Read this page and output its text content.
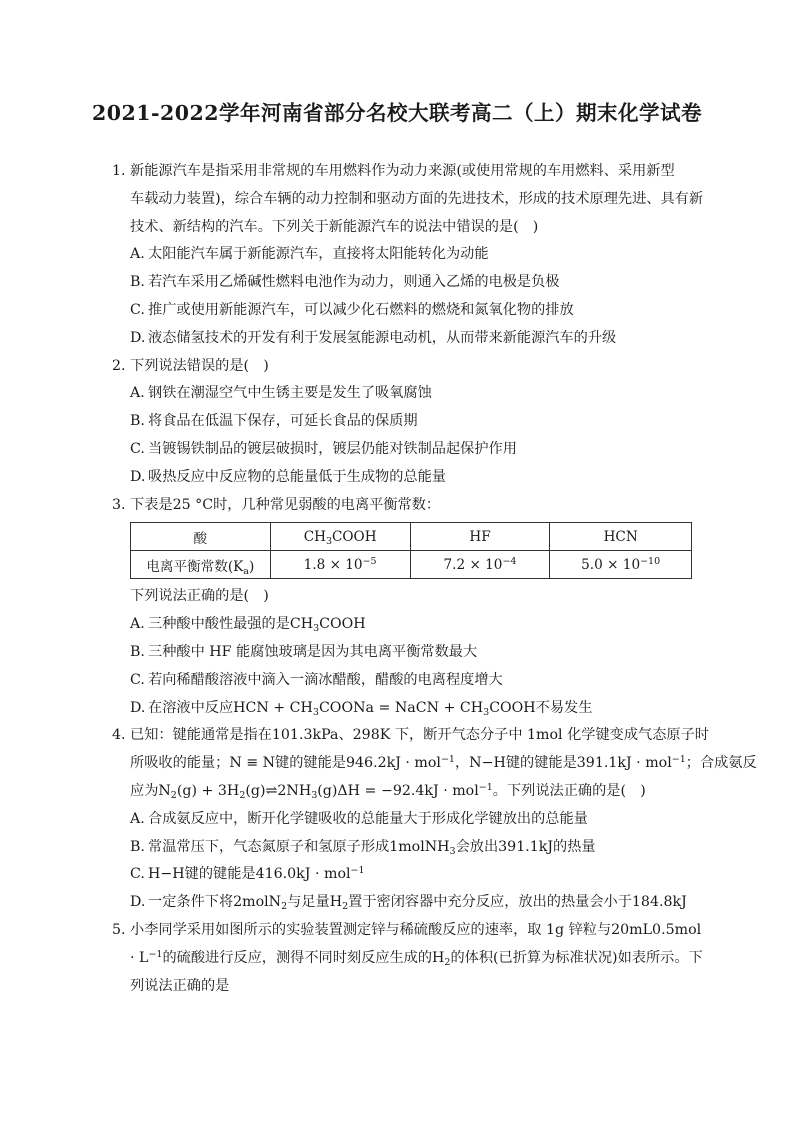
2021-2022学年河南省部分名校大联考高二（上）期末化学试卷
1. 新能源汽车是指采用非常规的车用燃料作为动力来源(或使用常规的车用燃料、采用新型
车载动力装置)，综合车辆的动力控制和驱动方面的先进技术，形成的技术原理先进、具有新
技术、新结构的汽车。下列关于新能源汽车的说法中错误的是(　)
A. 太阳能汽车属于新能源汽车，直接将太阳能转化为动能
B. 若汽车采用乙烯碱性燃料电池作为动力，则通入乙烯的电极是负极
C. 推广或使用新能源汽车，可以减少化石燃料的燃烧和氮氧化物的排放
D. 液态储氢技术的开发有利于发展氢能源电动机，从而带来新能源汽车的升级
2. 下列说法错误的是(　)
A. 钢铁在潮湿空气中生锈主要是发生了吸氧腐蚀
B. 将食品在低温下保存，可延长食品的保质期
C. 当镀锡铁制品的镀层破损时，镀层仍能对铁制品起保护作用
D. 吸热反应中反应物的总能量低于生成物的总能量
3. 下表是25 °C时，几种常见弱酸的电离平衡常数：
酸	$CH_3COOH$	HF	HCN
电离平衡常数$(K_a)$	$1.8 \times 10^{-5}$	$7.2 \times 10^{-4}$	$5.0 \times 10^{-10}$
下列说法正确的是(　)
A. 三种酸中酸性最强的是$CH_3COOH$
B. 三种酸中 HF 能腐蚀玻璃是因为其电离平衡常数最大
C. 若向稀醋酸溶液中滴入一滴冰醋酸，醋酸的电离程度增大
D. 在溶液中反应HCN + $CH_3COONa$ = NaCN + $CH_3COOH$不易发生
4. 已知：键能通常是指在101.3kPa、298K 下，断开气态分子中 1mol 化学键变成气态原子时
所吸收的能量；N ≡ N键的键能是946.2kJ · mol$^{-1}$，N−H键的键能是391.1kJ · mol$^{-1}$；合成氨反
应为$N_2(g)$ + $3H_2(g)\rightleftharpoons 2NH_3(g)\Delta H = -92.4kJ \cdot mol^{-1}$。下列说法正确的是(　)
A. 合成氨反应中，断开化学键吸收的总能量大于形成化学键放出的总能量
B. 常温常压下，气态氮原子和氢原子形成1molNH$_3$会放出391.1kJ的热量
C. H−H键的键能是416.0kJ · mol$^{-1}$
D. 一定条件下将2molN$_2$与足量$H_2$置于密闭容器中充分反应，放出的热量会小于184.8kJ
5. 小李同学采用如图所示的实验装置测定锌与稀硫酸反应的速率，取 1g 锌粒与20mL0.5mol
· $L^{-1}$的硫酸进行反应，测得不同时刻反应生成的$H_2$的体积(已折算为标准状况)如表所示。下
列说法正确的是
